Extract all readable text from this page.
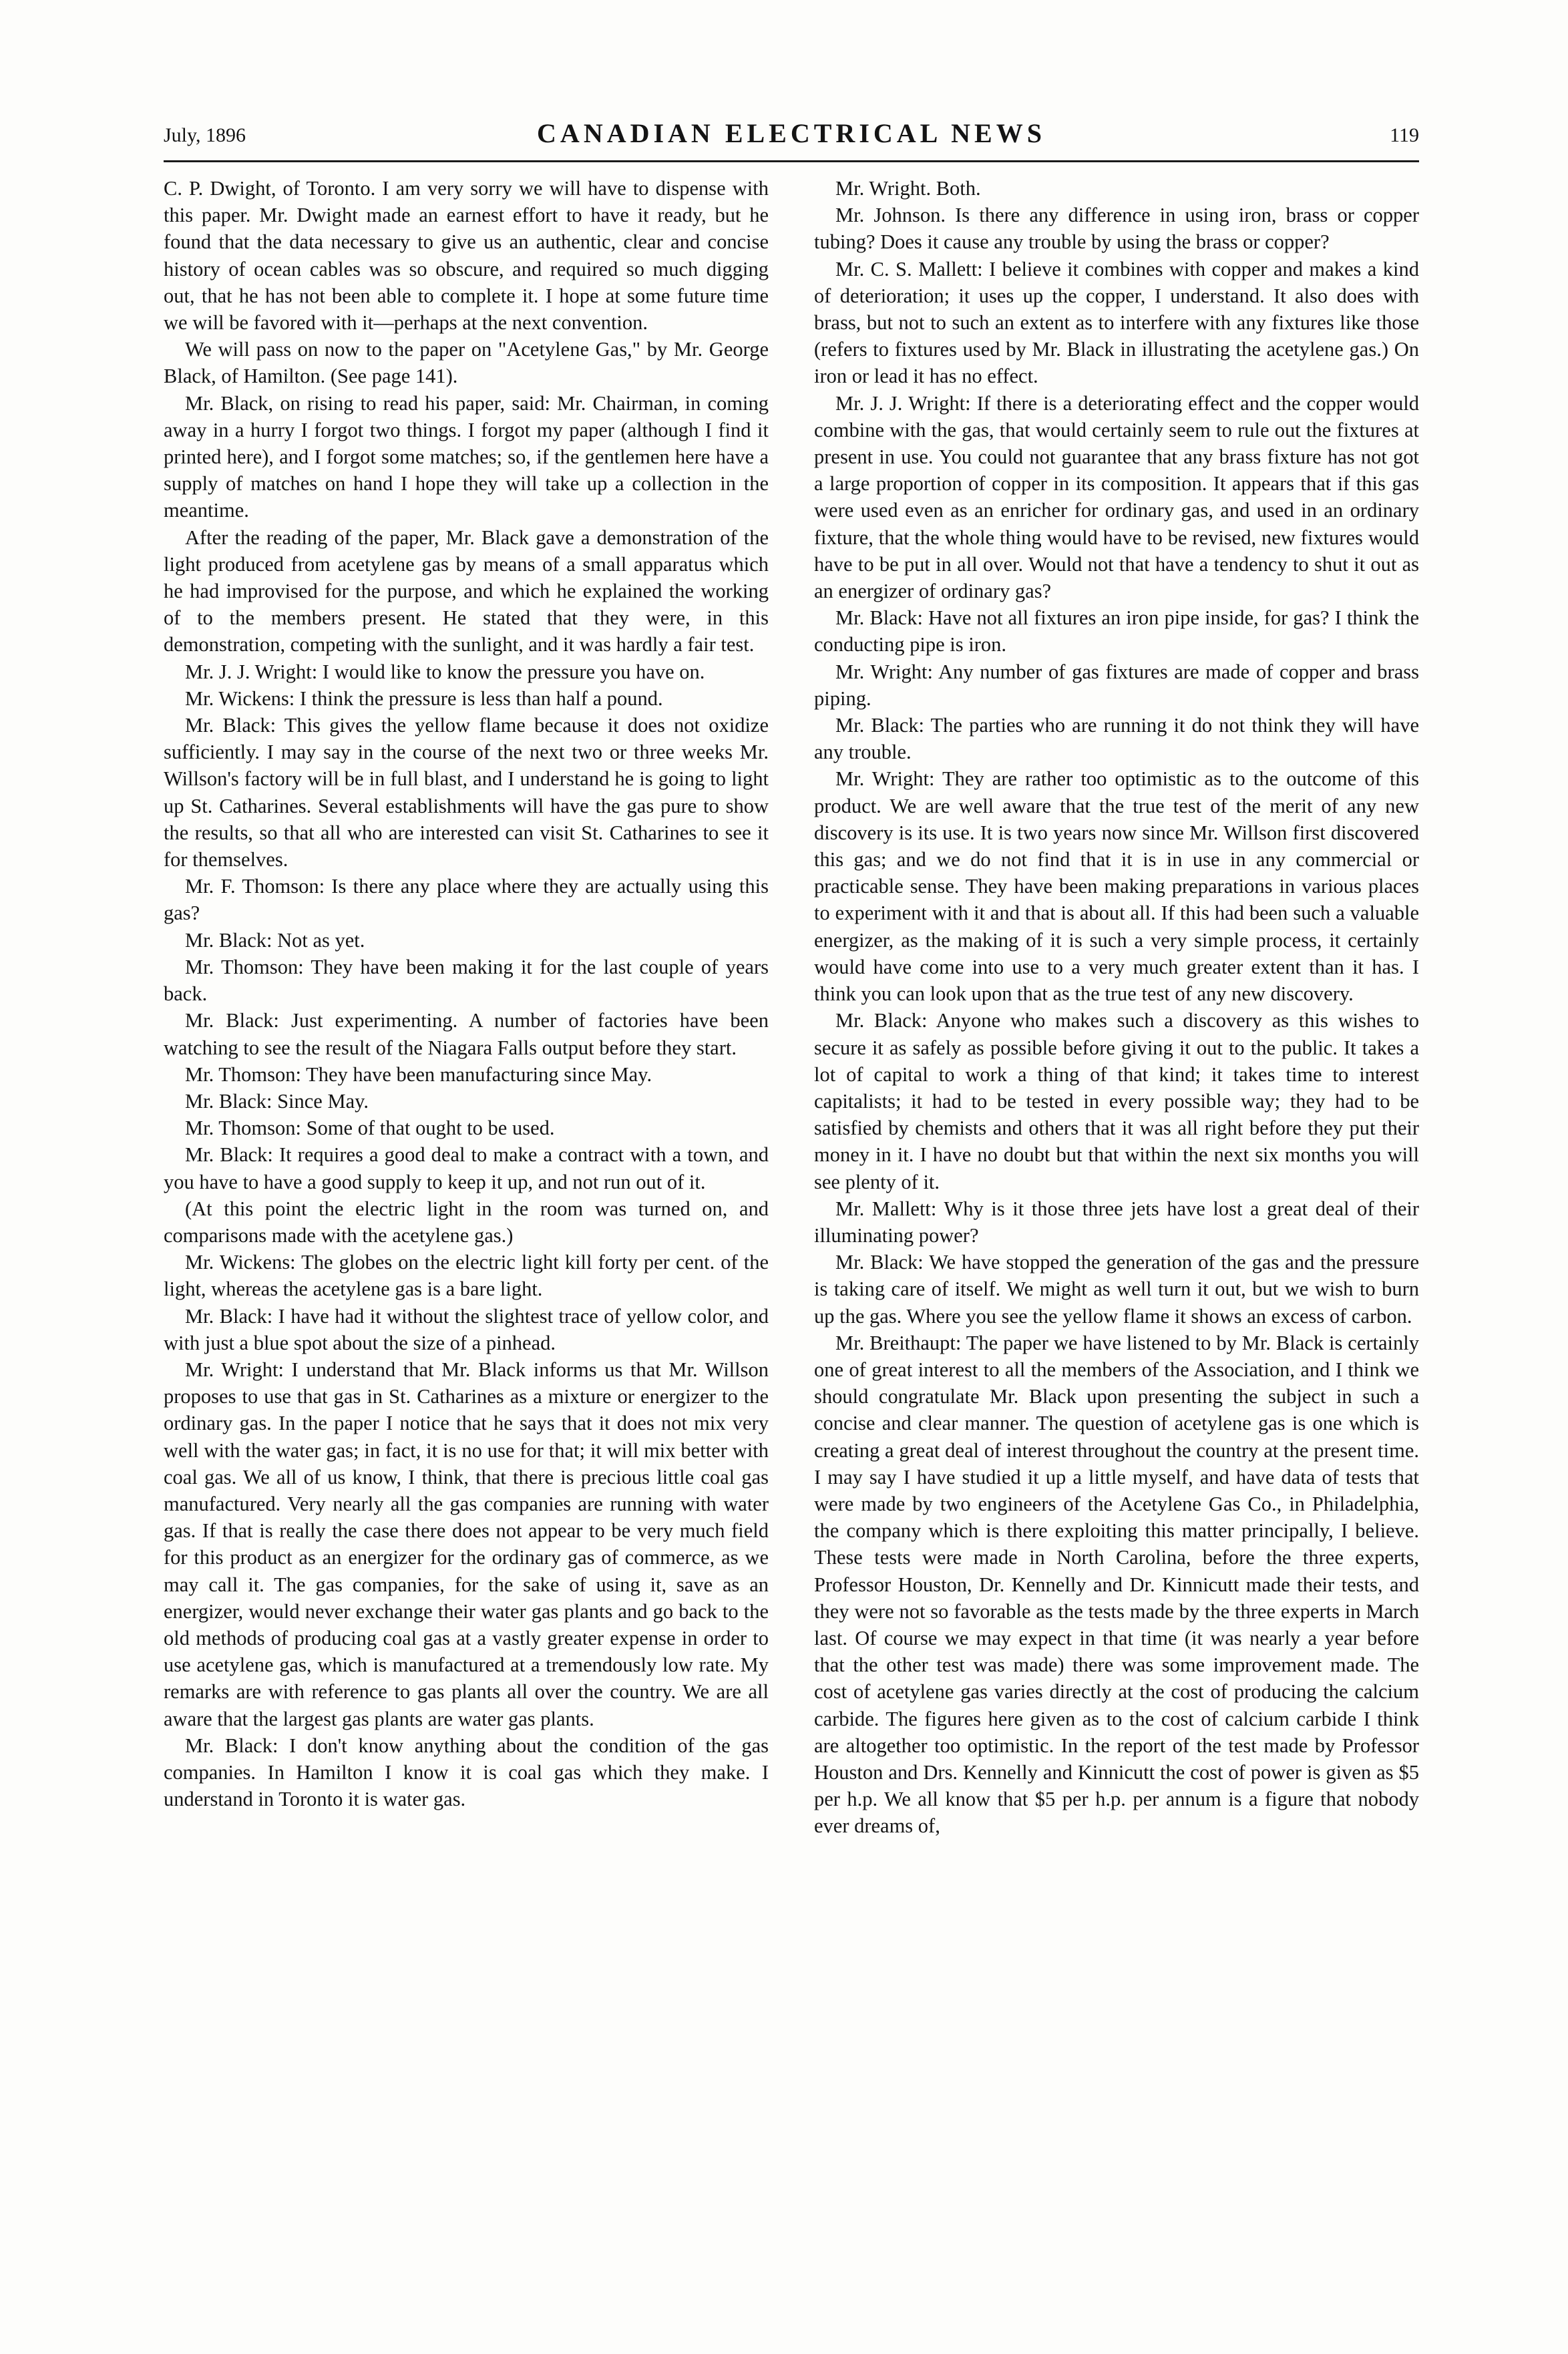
July, 1896	CANADIAN ELECTRICAL NEWS	119

C. P. Dwight, of Toronto. I am very sorry we will have to dispense with this paper. Mr. Dwight made an earnest effort to have it ready, but he found that the data necessary to give us an authentic, clear and concise history of ocean cables was so obscure, and required so much digging out, that he has not been able to complete it. I hope at some future time we will be favored with it—perhaps at the next convention.

We will pass on now to the paper on "Acetylene Gas," by Mr. George Black, of Hamilton. (See page 141).

Mr. Black, on rising to read his paper, said: Mr. Chairman, in coming away in a hurry I forgot two things. I forgot my paper (although I find it printed here), and I forgot some matches; so, if the gentlemen here have a supply of matches on hand I hope they will take up a collection in the meantime.

After the reading of the paper, Mr. Black gave a demonstration of the light produced from acetylene gas by means of a small apparatus which he had improvised for the purpose, and which he explained the working of to the members present. He stated that they were, in this demonstration, competing with the sunlight, and it was hardly a fair test.

Mr. J. J. Wright: I would like to know the pressure you have on.

Mr. Wickens: I think the pressure is less than half a pound.

Mr. Black: This gives the yellow flame because it does not oxidize sufficiently. I may say in the course of the next two or three weeks Mr. Willson's factory will be in full blast, and I understand he is going to light up St. Catharines. Several establishments will have the gas pure to show the results, so that all who are interested can visit St. Catharines to see it for themselves.

Mr. F. Thomson: Is there any place where they are actually using this gas?

Mr. Black: Not as yet.

Mr. Thomson: They have been making it for the last couple of years back.

Mr. Black: Just experimenting. A number of factories have been watching to see the result of the Niagara Falls output before they start.

Mr. Thomson: They have been manufacturing since May.

Mr. Black: Since May.

Mr. Thomson: Some of that ought to be used.

Mr. Black: It requires a good deal to make a contract with a town, and you have to have a good supply to keep it up, and not run out of it.

(At this point the electric light in the room was turned on, and comparisons made with the acetylene gas.)

Mr. Wickens: The globes on the electric light kill forty per cent. of the light, whereas the acetylene gas is a bare light.

Mr. Black: I have had it without the slightest trace of yellow color, and with just a blue spot about the size of a pinhead.

Mr. Wright: I understand that Mr. Black informs us that Mr. Willson proposes to use that gas in St. Catharines as a mixture or energizer to the ordinary gas. In the paper I notice that he says that it does not mix very well with the water gas; in fact, it is no use for that; it will mix better with coal gas. We all of us know, I think, that there is precious little coal gas manufactured. Very nearly all the gas companies are running with water gas. If that is really the case there does not appear to be very much field for this product as an energizer for the ordinary gas of commerce, as we may call it. The gas companies, for the sake of using it, save as an energizer, would never exchange their water gas plants and go back to the old methods of producing coal gas at a vastly greater expense in order to use acetylene gas, which is manufactured at a tremendously low rate. My remarks are with reference to gas plants all over the country. We are all aware that the largest gas plants are water gas plants.

Mr. Black: I don't know anything about the condition of the gas companies. In Hamilton I know it is coal gas which they make. I understand in Toronto it is water gas.

Mr. Wright. Both.

Mr. Johnson. Is there any difference in using iron, brass or copper tubing? Does it cause any trouble by using the brass or copper?

Mr. C. S. Mallett: I believe it combines with copper and makes a kind of deterioration; it uses up the copper, I understand. It also does with brass, but not to such an extent as to interfere with any fixtures like those (refers to fixtures used by Mr. Black in illustrating the acetylene gas.) On iron or lead it has no effect.

Mr. J. J. Wright: If there is a deteriorating effect and the copper would combine with the gas, that would certainly seem to rule out the fixtures at present in use. You could not guarantee that any brass fixture has not got a large proportion of copper in its composition. It appears that if this gas were used even as an enricher for ordinary gas, and used in an ordinary fixture, that the whole thing would have to be revised, new fixtures would have to be put in all over. Would not that have a tendency to shut it out as an energizer of ordinary gas?

Mr. Black: Have not all fixtures an iron pipe inside, for gas? I think the conducting pipe is iron.

Mr. Wright: Any number of gas fixtures are made of copper and brass piping.

Mr. Black: The parties who are running it do not think they will have any trouble.

Mr. Wright: They are rather too optimistic as to the outcome of this product. We are well aware that the true test of the merit of any new discovery is its use. It is two years now since Mr. Willson first discovered this gas; and we do not find that it is in use in any commercial or practicable sense. They have been making preparations in various places to experiment with it and that is about all. If this had been such a valuable energizer, as the making of it is such a very simple process, it certainly would have come into use to a very much greater extent than it has. I think you can look upon that as the true test of any new discovery.

Mr. Black: Anyone who makes such a discovery as this wishes to secure it as safely as possible before giving it out to the public. It takes a lot of capital to work a thing of that kind; it takes time to interest capitalists; it had to be tested in every possible way; they had to be satisfied by chemists and others that it was all right before they put their money in it. I have no doubt but that within the next six months you will see plenty of it.

Mr. Mallett: Why is it those three jets have lost a great deal of their illuminating power?

Mr. Black: We have stopped the generation of the gas and the pressure is taking care of itself. We might as well turn it out, but we wish to burn up the gas. Where you see the yellow flame it shows an excess of carbon.

Mr. Breithaupt: The paper we have listened to by Mr. Black is certainly one of great interest to all the members of the Association, and I think we should congratulate Mr. Black upon presenting the subject in such a concise and clear manner. The question of acetylene gas is one which is creating a great deal of interest throughout the country at the present time. I may say I have studied it up a little myself, and have data of tests that were made by two engineers of the Acetylene Gas Co., in Philadelphia, the company which is there exploiting this matter principally, I believe. These tests were made in North Carolina, before the three experts, Professor Houston, Dr. Kennelly and Dr. Kinnicutt made their tests, and they were not so favorable as the tests made by the three experts in March last. Of course we may expect in that time (it was nearly a year before that the other test was made) there was some improvement made. The cost of acetylene gas varies directly at the cost of producing the calcium carbide. The figures here given as to the cost of calcium carbide I think are altogether too optimistic. In the report of the test made by Professor Houston and Drs. Kennelly and Kinnicutt the cost of power is given as $5 per h.p. We all know that $5 per h.p. per annum is a figure that nobody ever dreams of,
